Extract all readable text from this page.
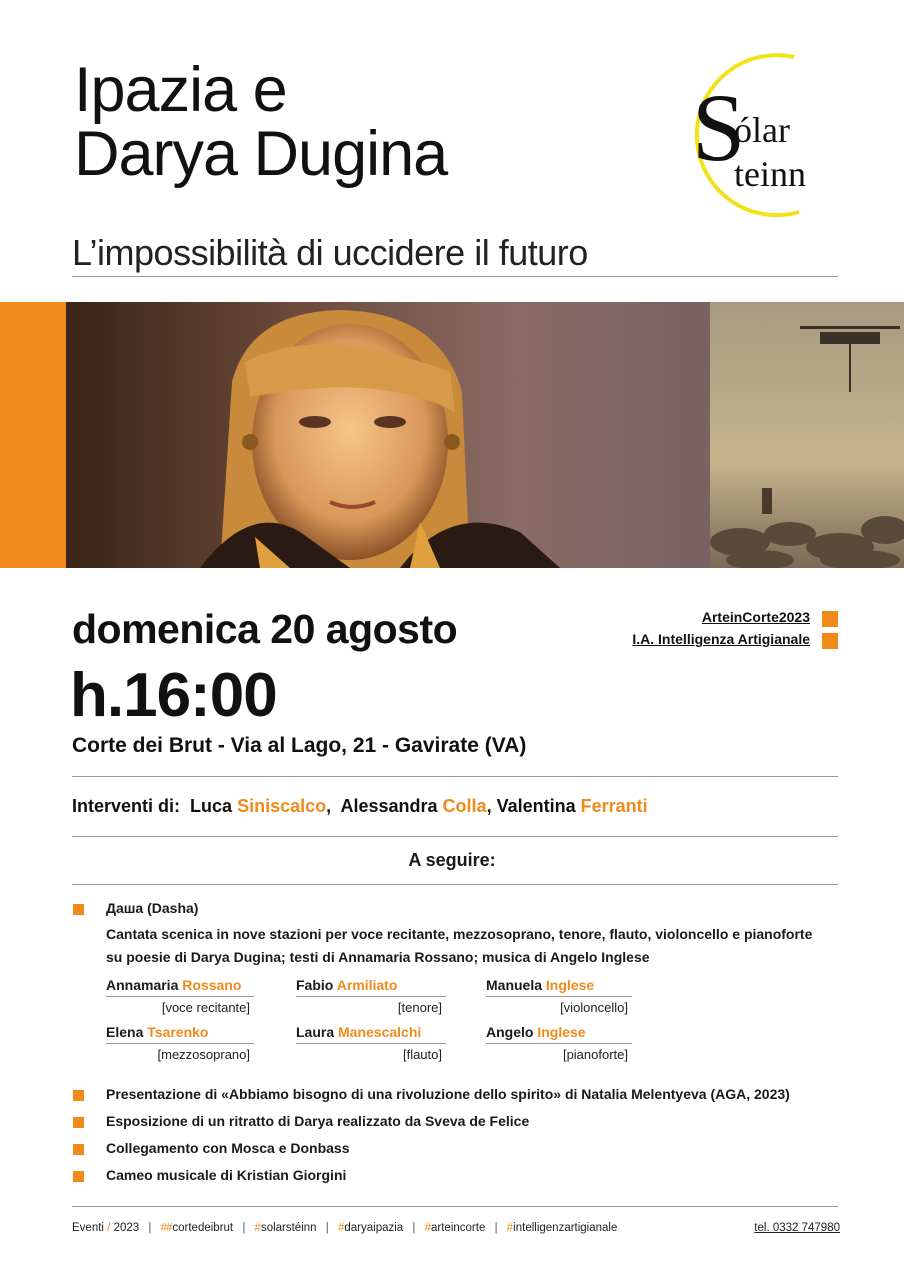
Ipazia e
Darya Dugina
L’impossibilità di uccidere il futuro
S
ólar
teinn
domenica 20 agosto
h.16:00
Corte dei Brut - Via al Lago, 21 - Gavirate (VA)
ArteinCorte2023
I.A. Intelligenza Artigianale
Interventi di: Luca Siniscalco, Alessandra Colla, Valentina Ferranti
A seguire:
Даша (Dasha)
Cantata scenica in nove stazioni per voce recitante, mezzosoprano, tenore, flauto, violoncello e pianoforte
su poesie di Darya Dugina; testi di Annamaria Rossano; musica di Angelo Inglese
Annamaria Rossano
[voce recitante]
Fabio Armiliato
[tenore]
Manuela Inglese
[violoncello]
Elena Tsarenko
[mezzosoprano]
Laura Manescalchi
[flauto]
Angelo Inglese
[pianoforte]
Presentazione di «Abbiamo bisogno di una rivoluzione dello spirito» di Natalia Melentyeva (AGA, 2023)
Esposizione di un ritratto di Darya realizzato da Sveva de Felice
Collegamento con Mosca e Donbass
Cameo musicale di Kristian Giorgini
Eventi / 2023 | ##cortedeibrut | #solarstéinn | #daryaipazia | #arteincorte | #intelligenzartigianale	tel. 0332 747980
